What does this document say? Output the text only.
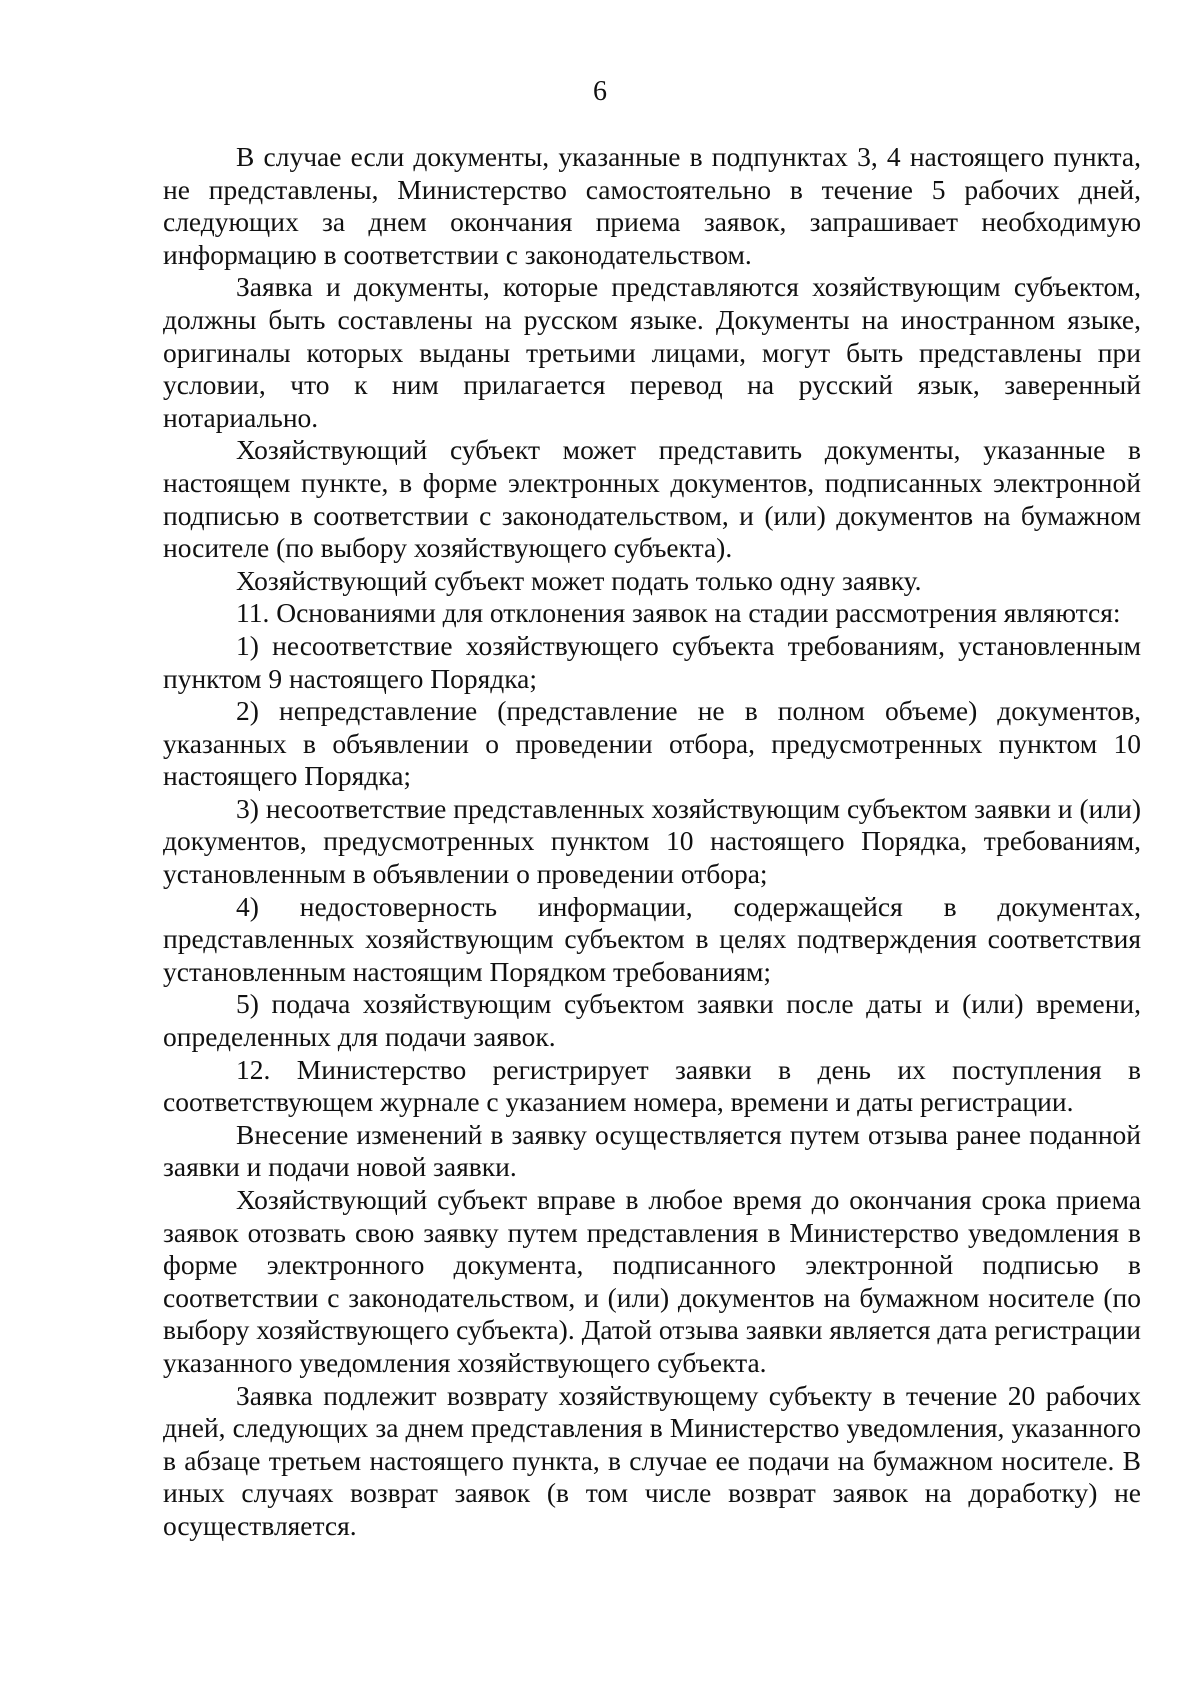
6

В случае если документы, указанные в подпунктах 3, 4 настоящего пункта, не представлены, Министерство самостоятельно в течение 5 рабочих дней, следующих за днем окончания приема заявок, запрашивает необходимую информацию в соответствии с законодательством.

Заявка и документы, которые представляются хозяйствующим субъектом, должны быть составлены на русском языке. Документы на иностранном языке, оригиналы которых выданы третьими лицами, могут быть представлены при условии, что к ним прилагается перевод на русский язык, заверенный нотариально.

Хозяйствующий субъект может представить документы, указанные в настоящем пункте, в форме электронных документов, подписанных электронной подписью в соответствии с законодательством, и (или) документов на бумажном носителе (по выбору хозяйствующего субъекта).

Хозяйствующий субъект может подать только одну заявку.

11. Основаниями для отклонения заявок на стадии рассмотрения являются:

1) несоответствие хозяйствующего субъекта требованиям, установленным пунктом 9 настоящего Порядка;

2) непредставление (представление не в полном объеме) документов, указанных в объявлении о проведении отбора, предусмотренных пунктом 10 настоящего Порядка;

3) несоответствие представленных хозяйствующим субъектом заявки и (или) документов, предусмотренных пунктом 10 настоящего Порядка, требованиям, установленным в объявлении о проведении отбора;

4) недостоверность информации, содержащейся в документах, представленных хозяйствующим субъектом в целях подтверждения соответствия установленным настоящим Порядком требованиям;

5) подача хозяйствующим субъектом заявки после даты и (или) времени, определенных для подачи заявок.

12. Министерство регистрирует заявки в день их поступления в соответствующем журнале с указанием номера, времени и даты регистрации.

Внесение изменений в заявку осуществляется путем отзыва ранее поданной заявки и подачи новой заявки.

Хозяйствующий субъект вправе в любое время до окончания срока приема заявок отозвать свою заявку путем представления в Министерство уведомления в форме электронного документа, подписанного электронной подписью в соответствии с законодательством, и (или) документов на бумажном носителе (по выбору хозяйствующего субъекта). Датой отзыва заявки является дата регистрации указанного уведомления хозяйствующего субъекта.

Заявка подлежит возврату хозяйствующему субъекту в течение 20 рабочих дней, следующих за днем представления в Министерство уведомления, указанного в абзаце третьем настоящего пункта, в случае ее подачи на бумажном носителе. В иных случаях возврат заявок (в том числе возврат заявок на доработку) не осуществляется.
